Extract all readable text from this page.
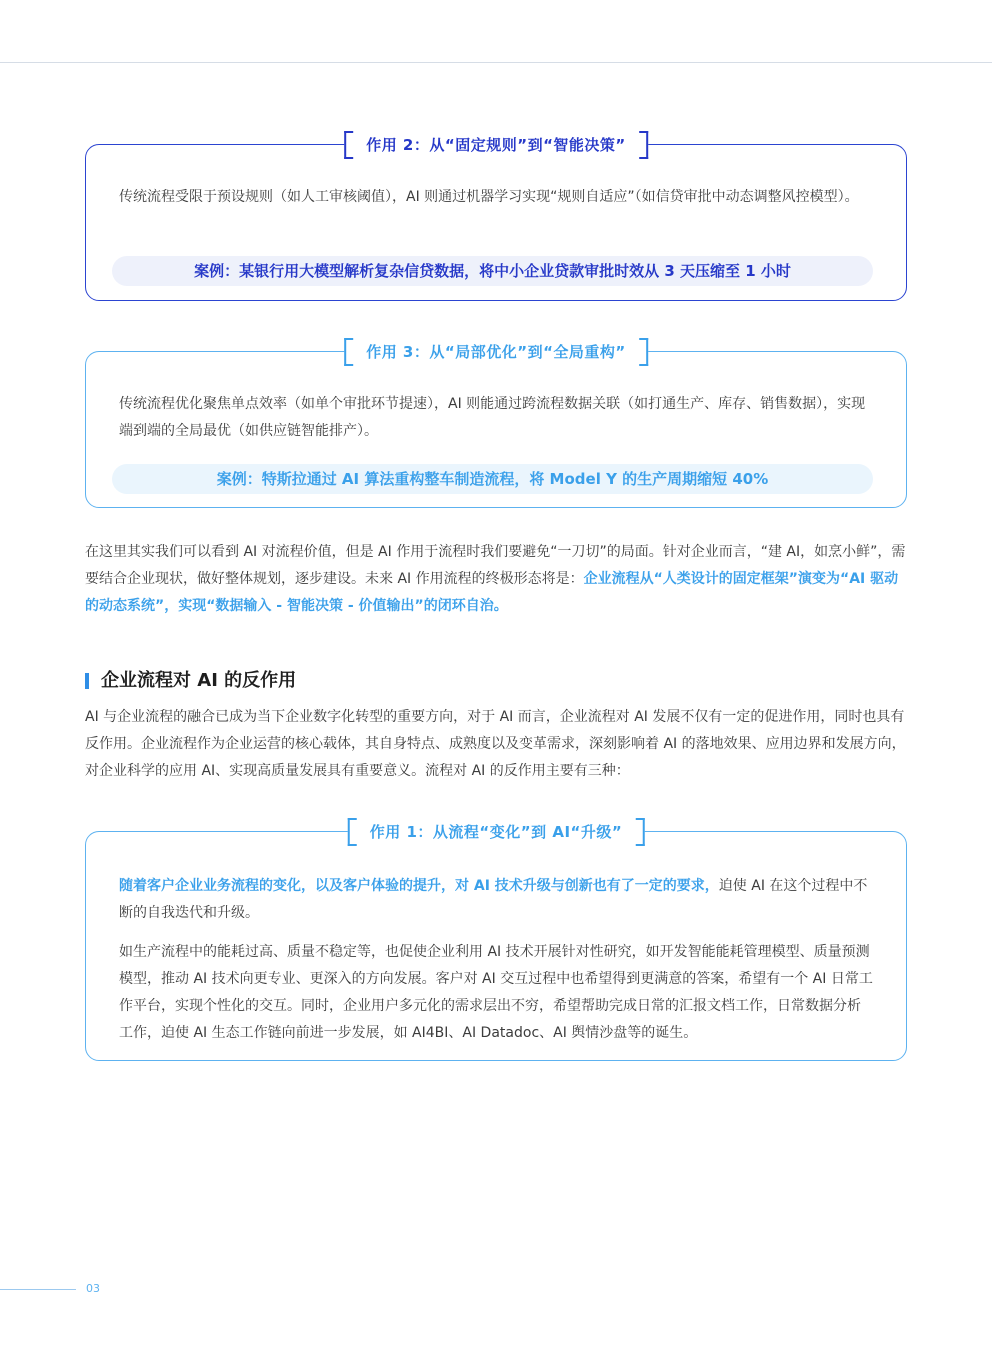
作用 2：从“固定规则”到“智能决策”
传统流程受限于预设规则（如人工审核阈值），AI 则通过机器学习实现“规则自适应”（如信贷审批中动态调整风控模型）。
案例：某银行用大模型解析复杂信贷数据，将中小企业贷款审批时效从 3 天压缩至 1 小时
作用 3：从“局部优化”到“全局重构”
传统流程优化聚焦单点效率（如单个审批环节提速），AI 则能通过跨流程数据关联（如打通生产、库存、销售数据），实现端到端的全局最优（如供应链智能排产）。
案例：特斯拉通过 AI 算法重构整车制造流程，将 Model Y 的生产周期缩短 40%
在这里其实我们可以看到 AI 对流程价值，但是 AI 作用于流程时我们要避免“一刀切”的局面。针对企业而言，“建 AI，如烹小鲜”，需要结合企业现状，做好整体规划，逐步建设。未来 AI 作用流程的终极形态将是：企业流程从“人类设计的固定框架”演变为“AI 驱动的动态系统”，实现“数据输入 - 智能决策 - 价值输出”的闭环自治。
企业流程对 AI 的反作用
AI 与企业流程的融合已成为当下企业数字化转型的重要方向，对于 AI 而言，企业流程对 AI 发展不仅有一定的促进作用，同时也具有反作用。企业流程作为企业运营的核心载体，其自身特点、成熟度以及变革需求，深刻影响着 AI 的落地效果、应用边界和发展方向，对企业科学的应用 AI、实现高质量发展具有重要意义。流程对 AI 的反作用主要有三种：
作用 1：从流程“变化”到 AI“升级”
随着客户企业业务流程的变化，以及客户体验的提升，对 AI 技术升级与创新也有了一定的要求，迫使 AI 在这个过程中不断的自我迭代和升级。
如生产流程中的能耗过高、质量不稳定等，也促使企业利用 AI 技术开展针对性研究，如开发智能能耗管理模型、质量预测模型，推动 AI 技术向更专业、更深入的方向发展。客户对 AI 交互过程中也希望得到更满意的答案，希望有一个 AI 日常工作平台，实现个性化的交互。同时，企业用户多元化的需求层出不穷，希望帮助完成日常的汇报文档工作，日常数据分析工作，迫使 AI 生态工作链向前进一步发展，如 AI4BI、AI Datadoc、AI 舆情沙盘等的诞生。
03
